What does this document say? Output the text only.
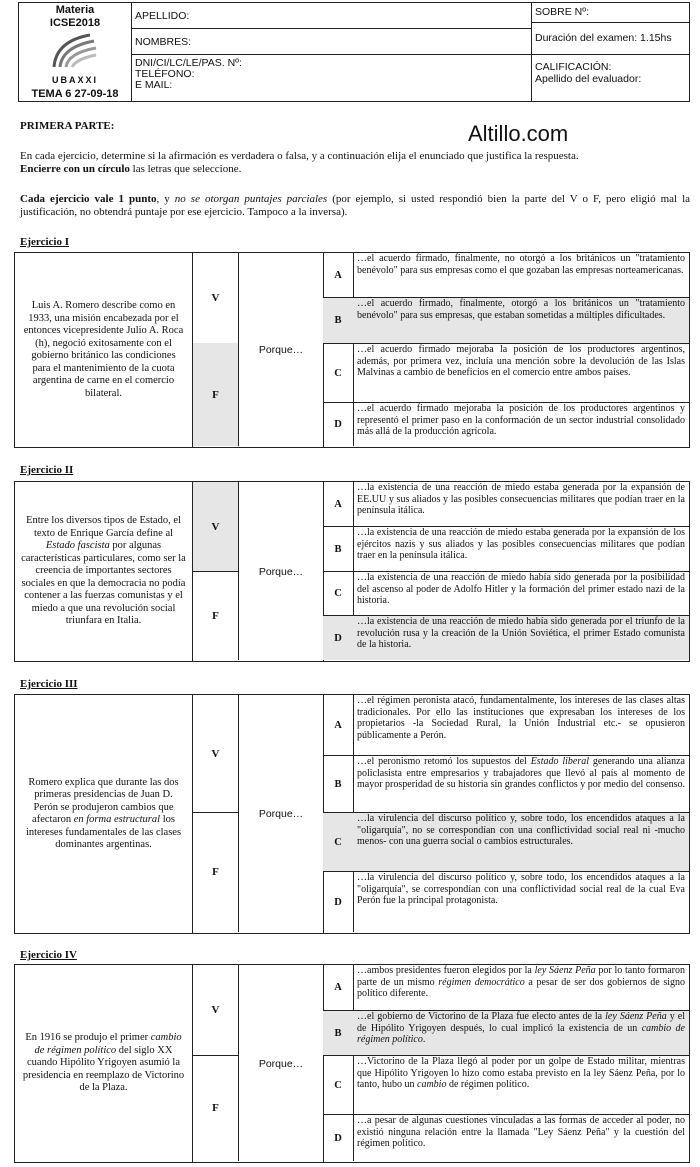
Materia
ICSE2018
UBAXXI
TEMA 6 27-09-18
APELLIDO:
NOMBRES:
DNI/CI/LC/LE/PAS. Nº:
TELÉFONO:
E MAIL:
SOBRE Nº:
Duración del examen: 1.15hs
CALIFICACIÓN:
Apellido del evaluador:
PRIMERA PARTE:	Altillo.com
En cada ejercicio, determine si la afirmación es verdadera o falsa, y a continuación elija el enunciado que justifica la respuesta.
Encierre con un círculo las letras que seleccione.
Cada ejercicio vale 1 punto, y no se otorgan puntajes parciales (por ejemplo, si usted respondió bien la parte del V o F, pero eligió mal la justificación, no obtendrá puntaje por ese ejercicio. Tampoco a la inversa).
Ejercicio I
Luis A. Romero describe como en 1933, una misión encabezada por el entonces vicepresidente Julio A. Roca (h), negoció exitosamente con el gobierno británico las condiciones para el mantenimiento de la cuota argentina de carne en el comercio bilateral.
V
F
Porque…
A
…el acuerdo firmado, finalmente, no otorgó a los británicos un "tratamiento benévolo" para sus empresas como el que gozaban las empresas norteamericanas.
B
…el acuerdo firmado, finalmente, otorgó a los británicos un "tratamiento benévolo" para sus empresas, que estaban sometidas a múltiples dificultades.
C
…el acuerdo firmado mejoraba la posición de los productores argentinos, además, por primera vez, incluía una mención sobre la devolución de las Islas Malvinas a cambio de beneficios en el comercio entre ambos países.
D
…el acuerdo firmado mejoraba la posición de los productores argentinos y representó el primer paso en la conformación de un sector industrial consolidado más allá de la producción agrícola.
Ejercicio II
Entre los diversos tipos de Estado, el texto de Enrique García define al Estado fascista por algunas características particulares, como ser la creencia de importantes sectores sociales en que la democracia no podía contener a las fuerzas comunistas y el miedo a que una revolución social triunfara en Italia.
V
F
Porque…
A
…la existencia de una reacción de miedo estaba generada por la expansión de EE.UU y sus aliados y las posibles consecuencias militares que podían traer en la península itálica.
B
…la existencia de una reacción de miedo estaba generada por la expansión de los ejércitos nazis y sus aliados y las posibles consecuencias militares que podían traer en la península itálica.
C
…la existencia de una reacción de miedo había sido generada por la posibilidad del ascenso al poder de Adolfo Hitler y la formación del primer estado nazi de la historia.
D
…la existencia de una reacción de miedo había sido generada por el triunfo de la revolución rusa y la creación de la Unión Soviética, el primer Estado comunista de la historia.
Ejercicio III
Romero explica que durante las dos primeras presidencias de Juan D. Perón se produjeron cambios que afectaron en forma estructural los intereses fundamentales de las clases dominantes argentinas.
V
F
Porque…
A
…el régimen peronista atacó, fundamentalmente, los intereses de las clases altas tradicionales. Por ello las instituciones que expresaban los intereses de los propietarios -la Sociedad Rural, la Unión Industrial etc.- se opusieron públicamente a Perón.
B
…el peronismo retomó los supuestos del Estado liberal generando una alianza policlasista entre empresarios y trabajadores que llevó al país al momento de mayor prosperidad de su historia sin grandes conflictos y por medio del consenso.
C
…la virulencia del discurso político y, sobre todo, los encendidos ataques a la "oligarquía", no se correspondían con una conflictividad social real ni -mucho menos- con una guerra social o cambios estructurales.
D
…la virulencia del discurso político y, sobre todo, los encendidos ataques a la "oligarquía", se correspondían con una conflictividad social real de la cual Eva Perón fue la principal protagonista.
Ejercicio IV
En 1916 se produjo el primer cambio de régimen político del siglo XX cuando Hipólito Yrigoyen asumió la presidencia en reemplazo de Victorino de la Plaza.
V
F
Porque…
A
…ambos presidentes fueron elegidos por la ley Sáenz Peña por lo tanto formaron parte de un mismo régimen democrático a pesar de ser dos gobiernos de signo político diferente.
B
…el gobierno de Victorino de la Plaza fue electo antes de la ley Sáenz Peña y el de Hipólito Yrigoyen después, lo cual implicó la existencia de un cambio de régimen político.
C
…Victorino de la Plaza llegó al poder por un golpe de Estado militar, mientras que Hipólito Yrigoyen lo hizo como estaba previsto en la ley Sáenz Peña, por lo tanto, hubo un cambio de régimen político.
D
…a pesar de algunas cuestiones vinculadas a las formas de acceder al poder, no existió ninguna relación entre la llamada "Ley Sáenz Peña" y la cuestión del régimen político.
